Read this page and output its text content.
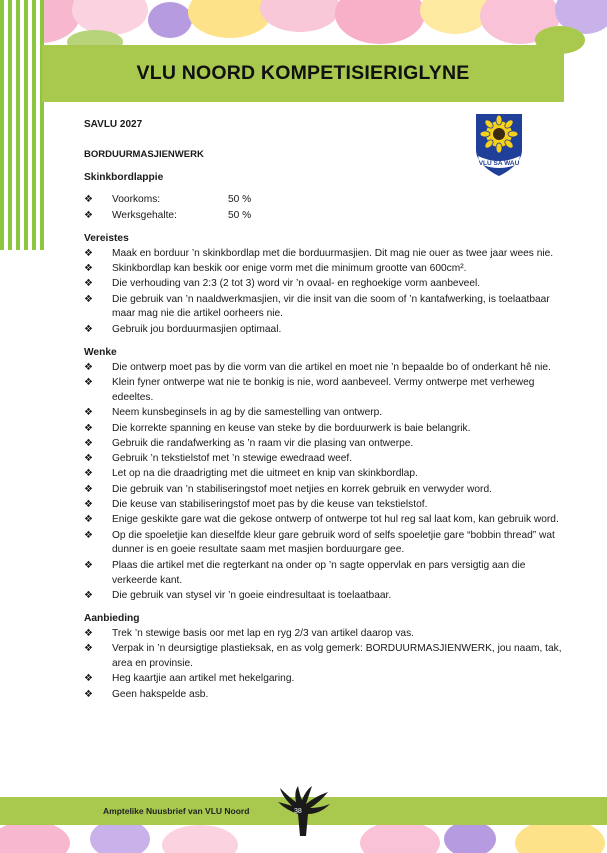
VLU NOORD KOMPETISIERIGLYNE
VLU SA WAU

SAVLU 2027

BORDUURMASJIENWERK

Skinkbordlappie

❖ Voorkoms:	50 %
❖ Werksgehalte:	50 %

Vereistes

❖ Maak en borduur ’n skinkbordlap met die borduurmasjien. Dit mag nie ouer as twee jaar wees nie.
❖ Skinkbordlap kan beskik oor enige vorm met die minimum grootte van 600cm².
❖ Die verhouding van 2:3 (2 tot 3) word vir ’n ovaal- en reghoekige vorm aanbeveel.
❖ Die gebruik van ’n naaldwerkmasjien, vir die insit van die soom of ’n kantafwerking, is toelaatbaar maar mag nie die artikel oorheers nie.
❖ Gebruik jou borduurmasjien optimaal.

Wenke

❖ Die ontwerp moet pas by die vorm van die artikel en moet nie ’n bepaalde bo of onderkant hê nie.
❖ Klein fyner ontwerpe wat nie te bonkig is nie, word aanbeveel. Vermy ontwerpe met verheweg edeeltes.
❖ Neem kunsbeginsels in ag by die samestelling van ontwerp.
❖ Die korrekte spanning en keuse van steke by die borduurwerk is baie belangrik.
❖ Gebruik die randafwerking as ’n raam vir die plasing van ontwerpe.
❖ Gebruik ’n tekstielstof met ’n stewige ewedraad weef.
❖ Let op na die draadrigting met die uitmeet en knip van skinkbordlap.
❖ Die gebruik van ’n stabiliseringstof moet netjies en korrek gebruik en verwyder word.
❖ Die keuse van stabiliseringstof moet pas by die keuse van tekstielstof.
❖ Enige geskikte gare wat die gekose ontwerp of ontwerpe tot hul reg sal laat kom, kan gebruik word.
❖ Op die spoeletjie kan dieselfde kleur gare gebruik word of selfs spoeletjie gare “bobbin thread” wat dunner is en goeie resultate saam met masjien borduurgare gee.
❖ Plaas die artikel met die regterkant na onder op ’n sagte oppervlak en pars versigtig aan die verkeerde kant.
❖ Die gebruik van stysel vir ’n goeie eindresultaat is toelaatbaar.

Aanbieding

❖ Trek ’n stewige basis oor met lap en ryg 2/3 van artikel daarop vas.
❖ Verpak in ’n deursigtige plastieksak, en as volg gemerk: BORDUURMASJIENWERK, jou naam, tak, area en provinsie.
❖ Heg kaartjie aan artikel met hekelgaring.
❖ Geen hakspelde asb.
Amptelike Nuusbrief van VLU Noord	38
